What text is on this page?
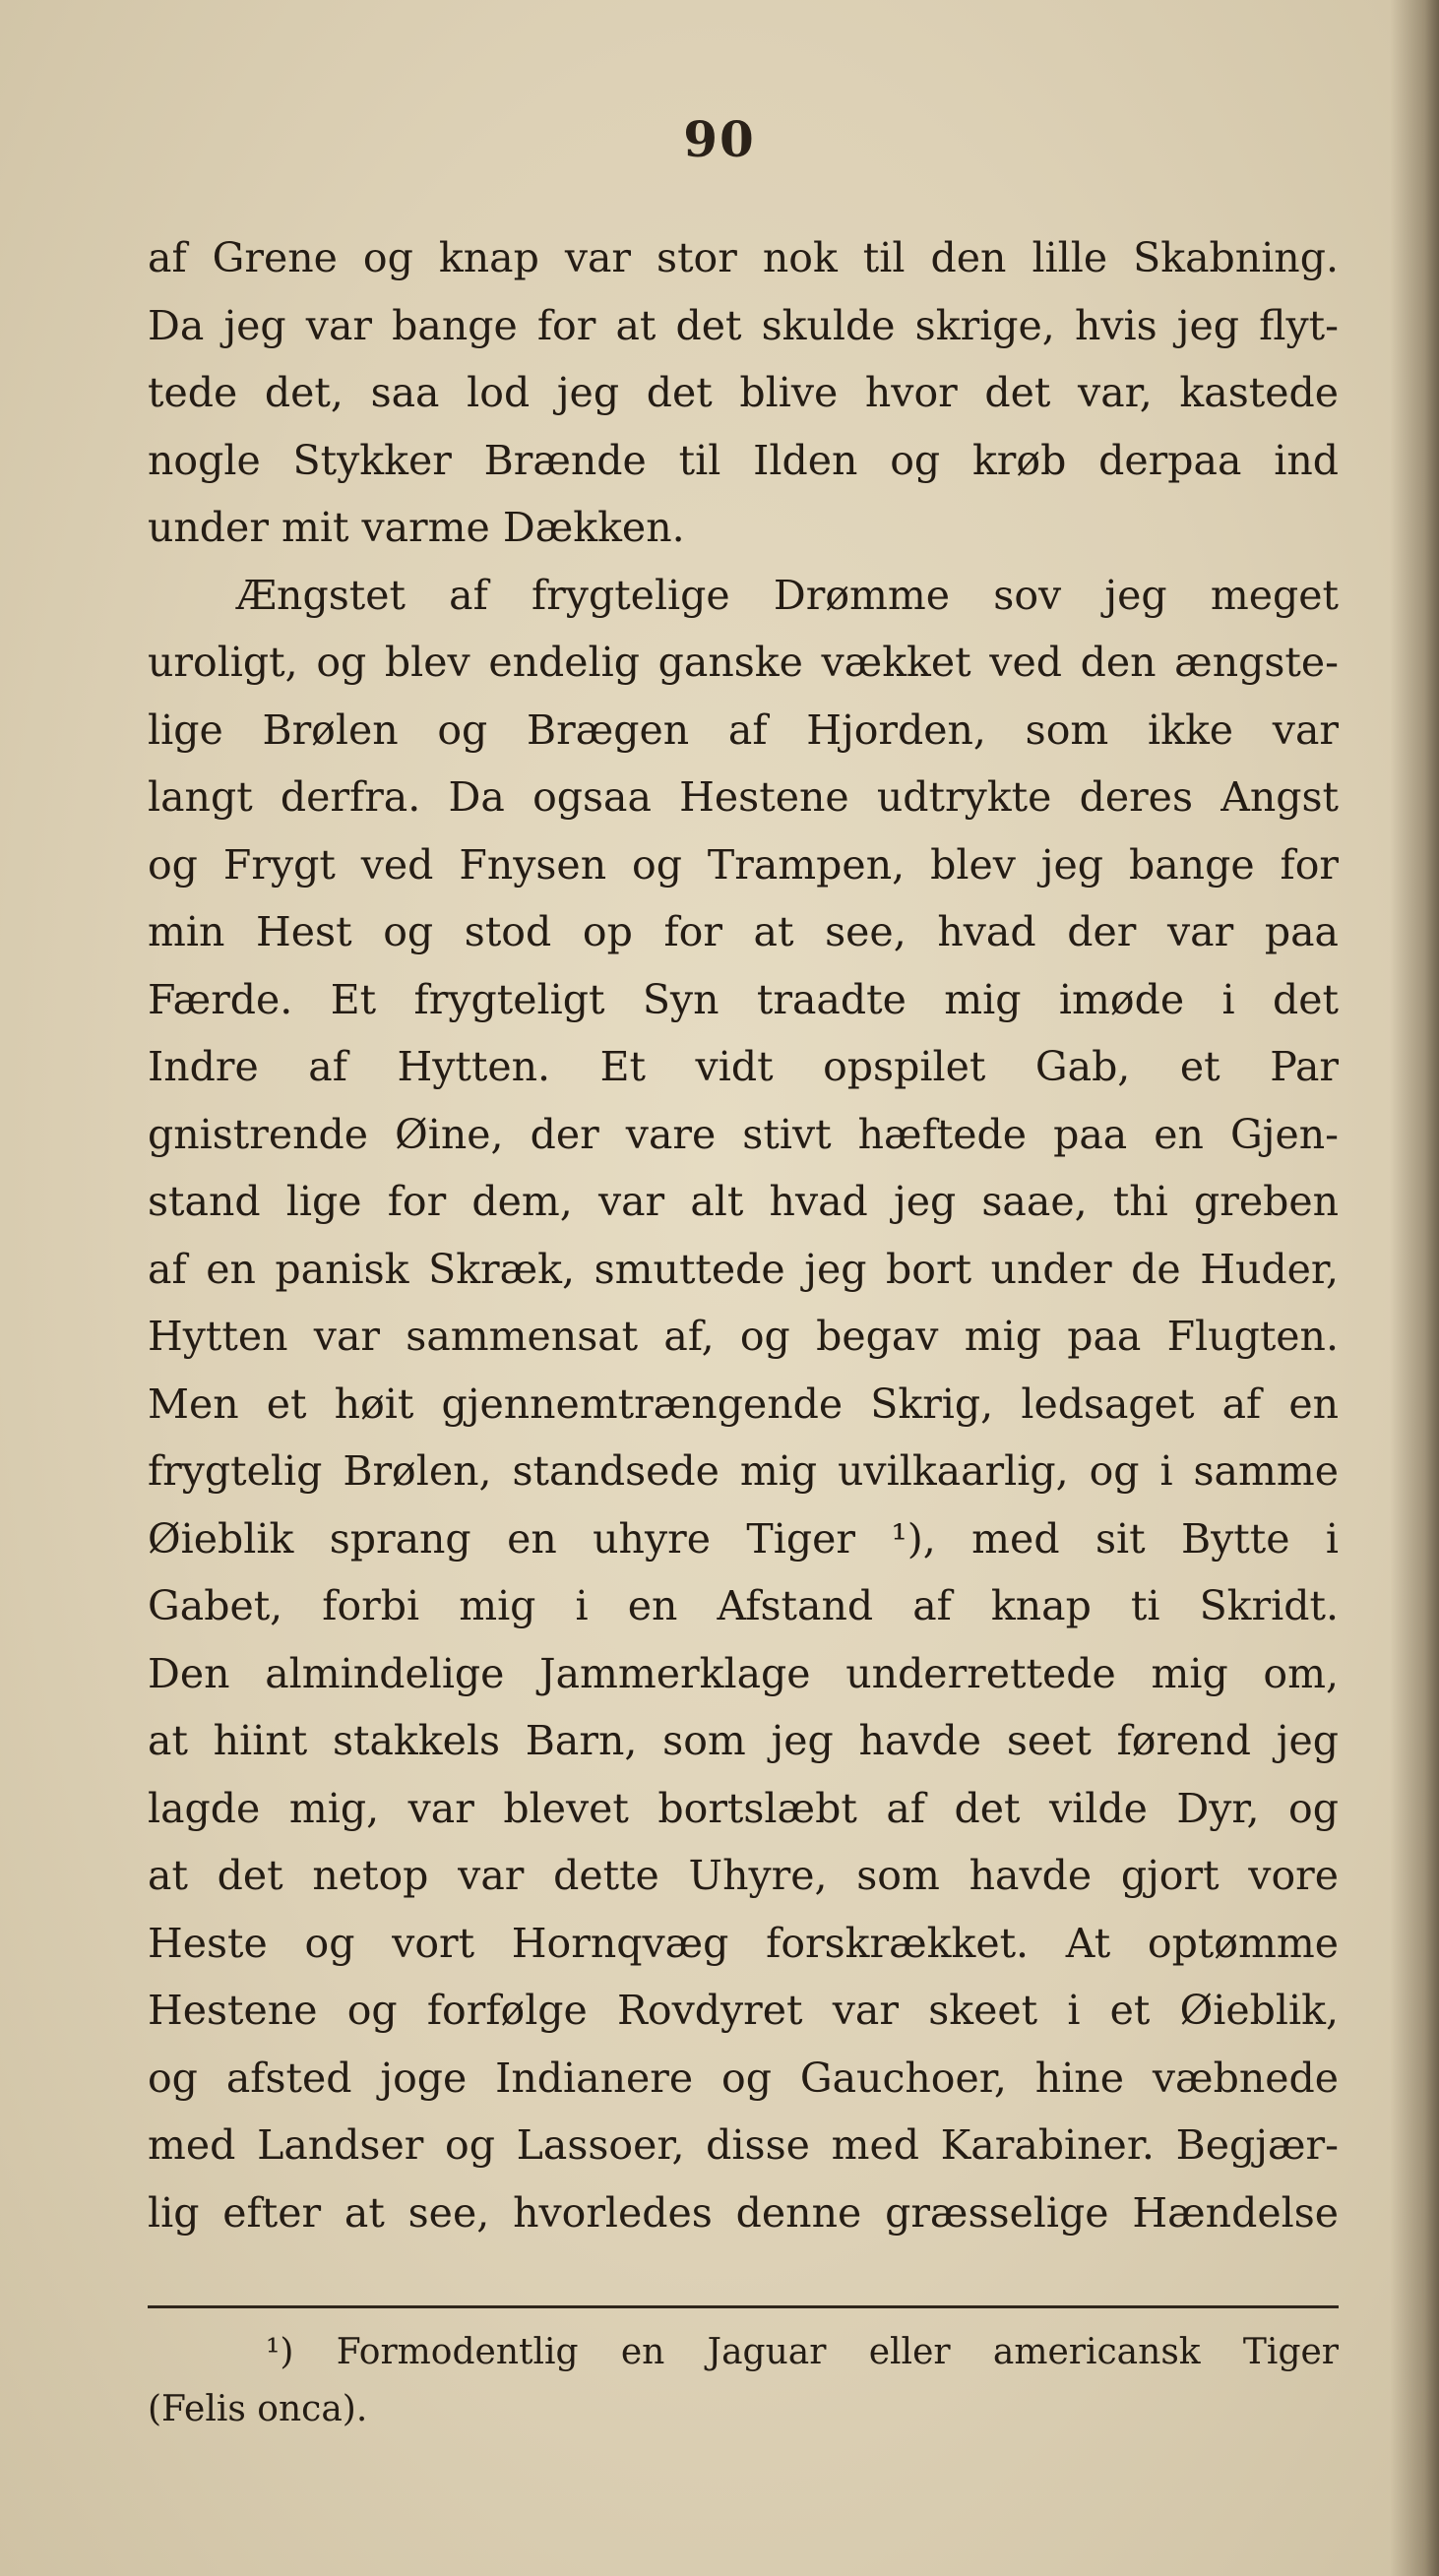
90
af Grene og knap var stor nok til den lille Skabning.
Da jeg var bange for at det skulde skrige, hvis jeg flyt-
tede det, saa lod jeg det blive hvor det var, kastede
nogle Stykker Brænde til Ilden og krøb derpaa ind
under mit varme Dækken.
Ængstet af frygtelige Drømme sov jeg meget
uroligt, og blev endelig ganske vækket ved den ængste-
lige Brølen og Brægen af Hjorden, som ikke var
langt derfra. Da ogsaa Hestene udtrykte deres Angst
og Frygt ved Fnysen og Trampen, blev jeg bange for
min Hest og stod op for at see, hvad der var paa
Færde. Et frygteligt Syn traadte mig imøde i det
Indre af Hytten. Et vidt opspilet Gab, et Par
gnistrende Øine, der vare stivt hæftede paa en Gjen-
stand lige for dem, var alt hvad jeg saae, thi greben
af en panisk Skræk, smuttede jeg bort under de Huder,
Hytten var sammensat af, og begav mig paa Flugten.
Men et høit gjennemtrængende Skrig, ledsaget af en
frygtelig Brølen, standsede mig uvilkaarlig, og i samme
Øieblik sprang en uhyre Tiger ¹), med sit Bytte i
Gabet, forbi mig i en Afstand af knap ti Skridt.
Den almindelige Jammerklage underrettede mig om,
at hiint stakkels Barn, som jeg havde seet førend jeg
lagde mig, var blevet bortslæbt af det vilde Dyr, og
at det netop var dette Uhyre, som havde gjort vore
Heste og vort Hornqvæg forskrækket. At optømme
Hestene og forfølge Rovdyret var skeet i et Øieblik,
og afsted joge Indianere og Gauchoer, hine væbnede
med Landser og Lassoer, disse med Karabiner. Begjær-
lig efter at see, hvorledes denne græsselige Hændelse
¹) Formodentlig en Jaguar eller americansk Tiger
(Felis onca).
